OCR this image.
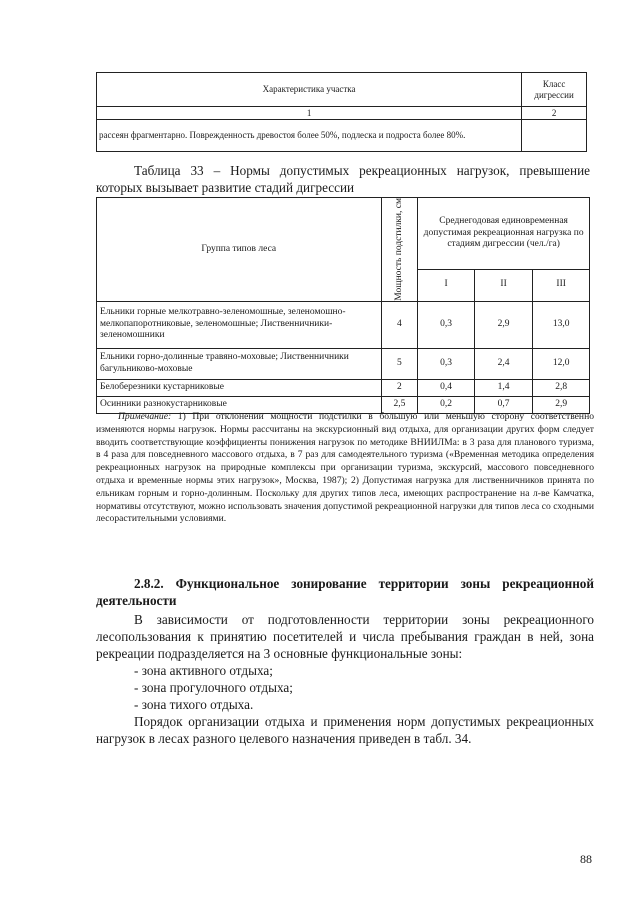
Характеристика участка	Класс дигрессии
1	2
рассеян фрагментарно. Поврежденность древостоя более 50%, подлеска и подроста более 80%.	
Таблица 33 – Нормы допустимых рекреационных нагрузок, превышение которых вызывает развитие стадий дигрессии
Группа типов леса	Мощность подстилки, см	Среднегодовая единовременная допустимая рекреационная нагрузка по стадиям дигрессии (чел./га)		
		I	II	III
Ельники горные мелкотравно-зеленомошные, зеленомошно-мелкопапоротниковые, зеленомошные; Лиственничники-зеленомошники	4	0,3	2,9	13,0
Ельники горно-долинные травяно-моховые; Лиственничники багульниково-моховые	5	0,3	2,4	12,0
Белоберезники кустарниковые	2	0,4	1,4	2,8
Осинники разнокустарниковые	2,5	0,2	0,7	2,9
Примечание: 1) При отклонении мощности подстилки в большую или меньшую сторону соответственно изменяются нормы нагрузок. Нормы рассчитаны на экскурсионный вид отдыха, для организации других форм следует вводить соответствующие коэффициенты понижения нагрузок по методике ВНИИЛМа: в 3 раза для планового туризма, в 4 раза для повседневного массового отдыха, в 7 раз для самодеятельного туризма («Временная методика определения рекреационных нагрузок на природные комплексы при организации туризма, экскурсий, массового повседневного отдыха и временные нормы этих нагрузок», Москва, 1987); 2) Допустимая нагрузка для лиственничников принята по ельникам горным и горно-долинным. Поскольку для других типов леса, имеющих распространение на л-ве Камчатка, нормативы отсутствуют, можно использовать значения допустимой рекреационной нагрузки для типов леса со сходными лесорастительными условиями.
2.8.2. Функциональное зонирование территории зоны рекреационной деятельности
В зависимости от подготовленности территории зоны рекреационного лесопользования к принятию посетителей и числа пребывания граждан в ней, зона рекреации подразделяется на 3 основные функциональные зоны:
- зона активного отдыха;
- зона прогулочного отдыха;
- зона тихого отдыха.
Порядок организации отдыха и применения норм допустимых рекреационных нагрузок в лесах разного целевого назначения приведен в табл. 34.
88
